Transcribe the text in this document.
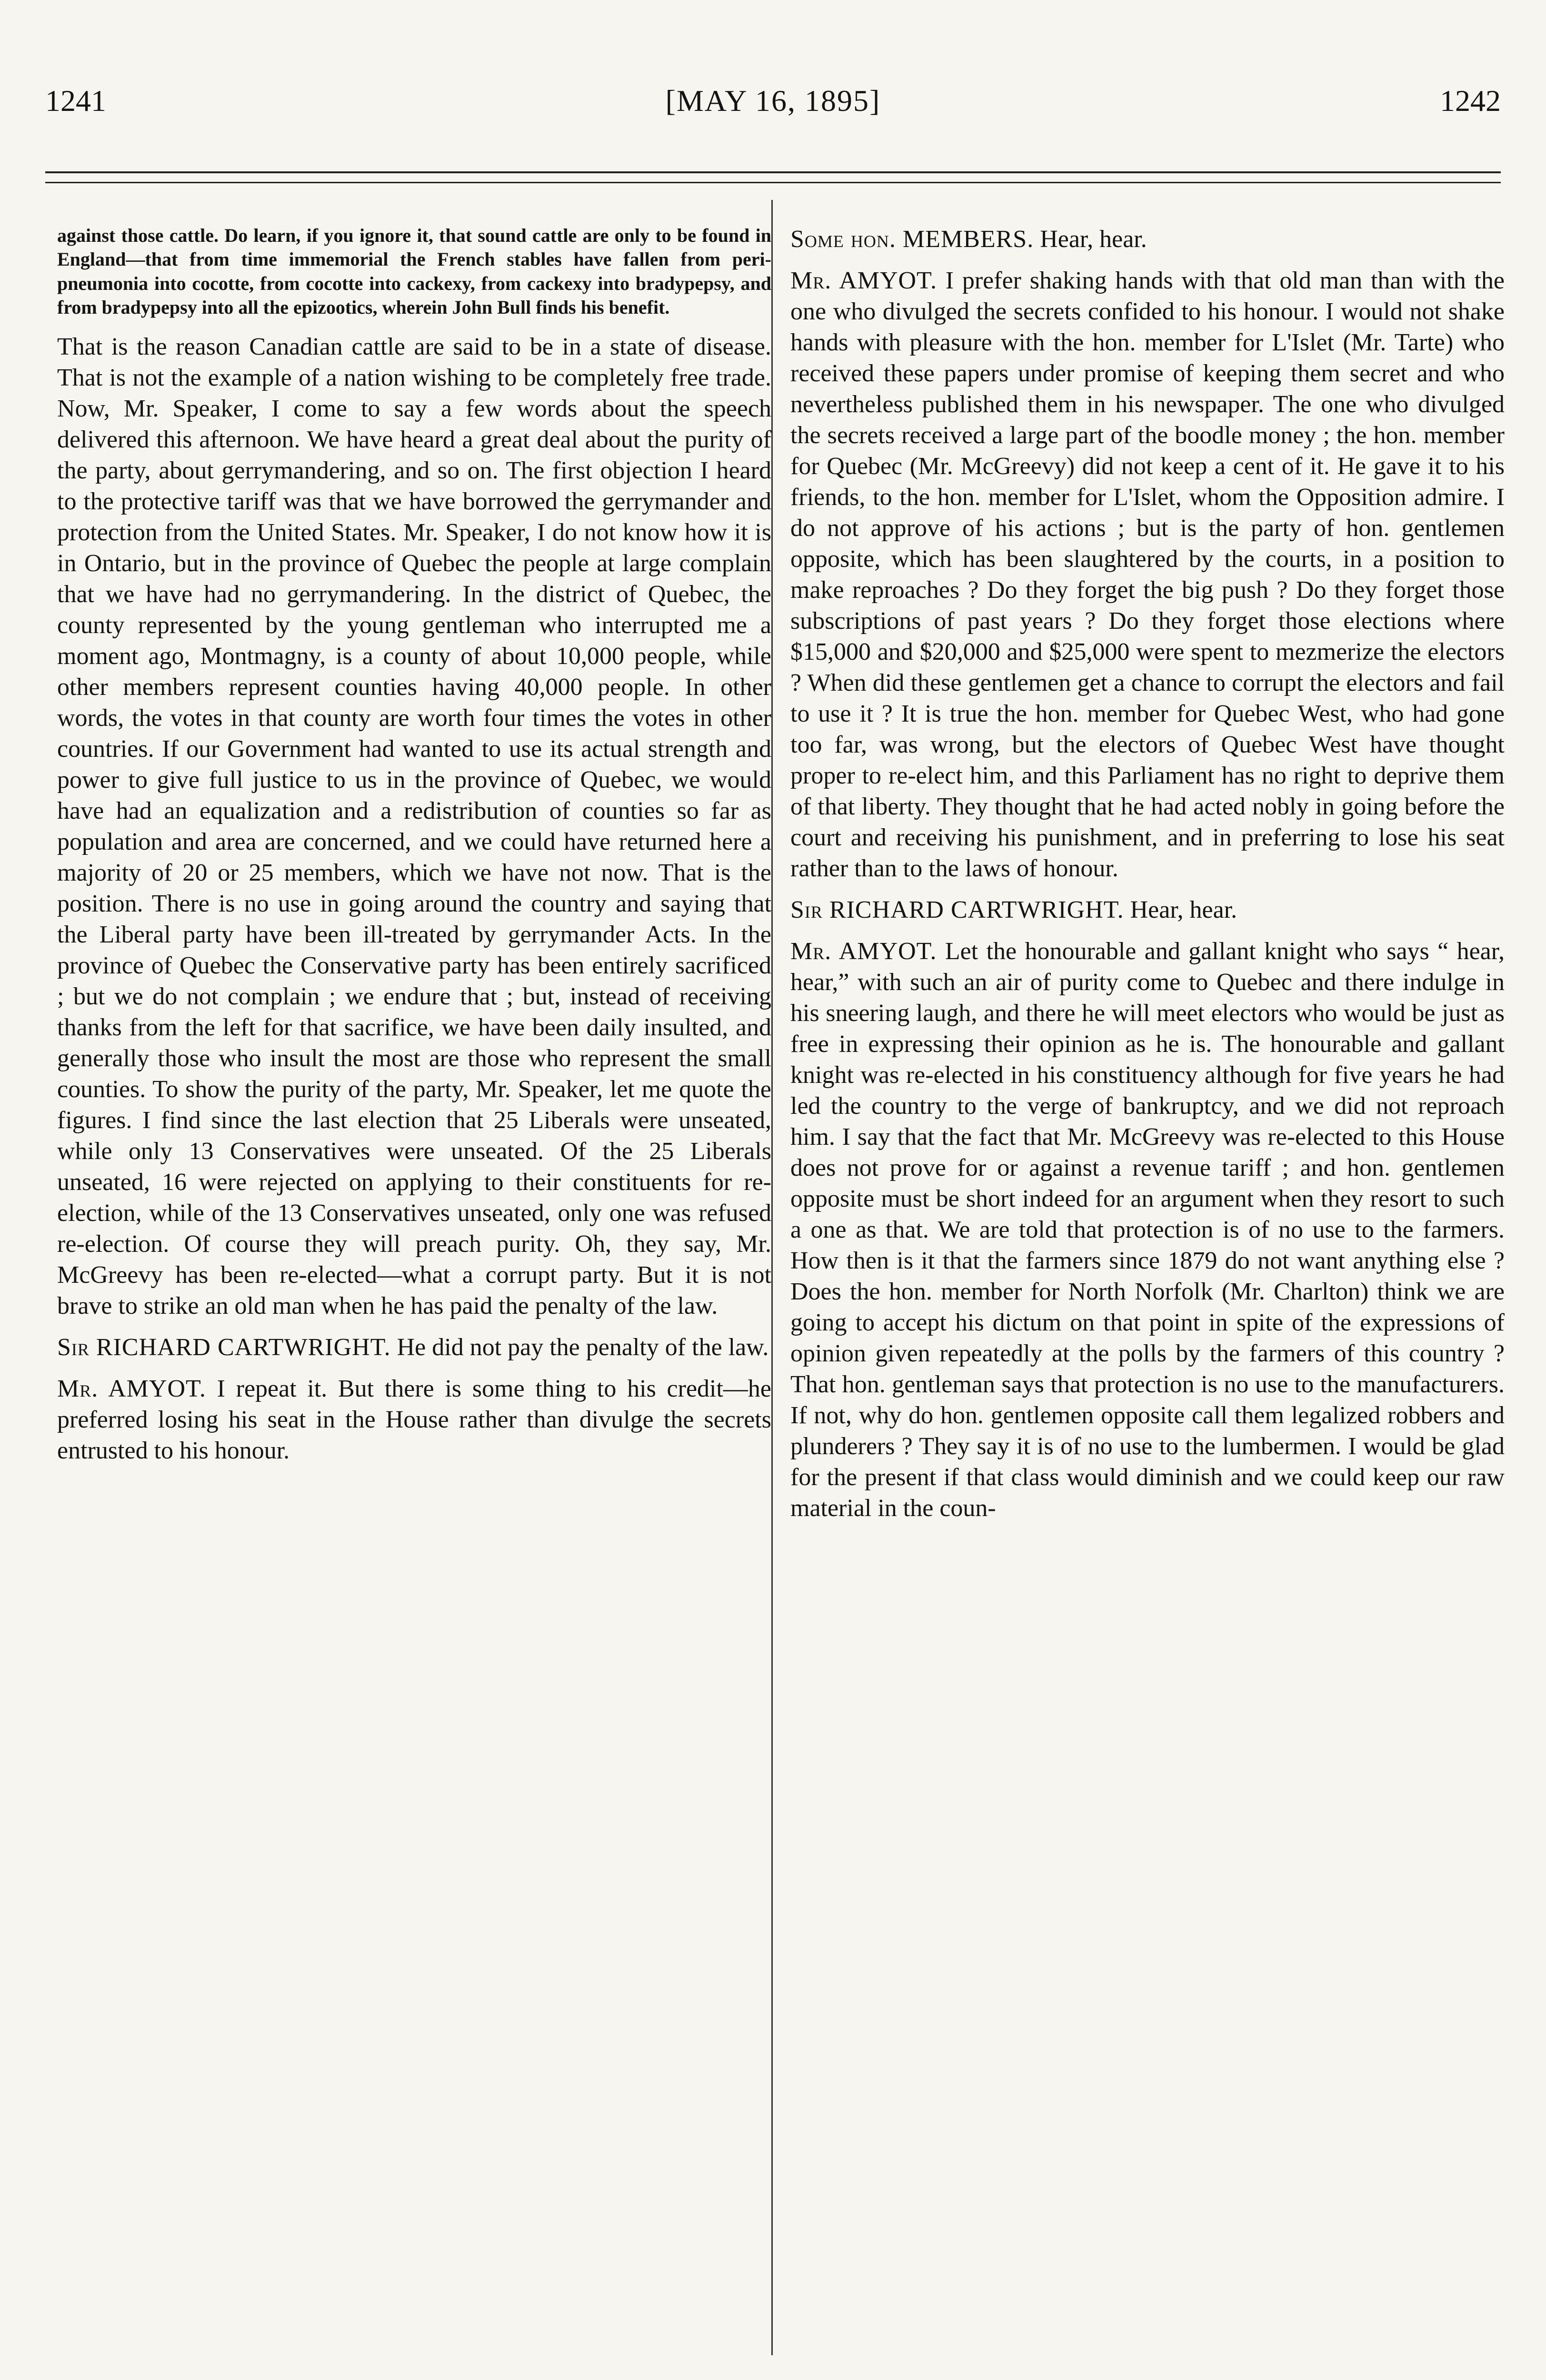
1241	[MAY 16, 1895]	1242

against those cattle. Do learn, if you ignore it, that sound cattle are only to be found in England—that from time immemorial the French stables have fallen from peri-pneumonia into cocotte, from cocotte into cackexy, from cackexy into bradypepsy, and from bradypepsy into all the epizootics, wherein John Bull finds his benefit.

That is the reason Canadian cattle are said to be in a state of disease. That is not the example of a nation wishing to be completely free trade. Now, Mr. Speaker, I come to say a few words about the speech delivered this afternoon. We have heard a great deal about the purity of the party, about gerrymandering, and so on. The first objection I heard to the protective tariff was that we have borrowed the gerrymander and protection from the United States. Mr. Speaker, I do not know how it is in Ontario, but in the province of Quebec the people at large complain that we have had no gerrymandering. In the district of Quebec, the county represented by the young gentleman who interrupted me a moment ago, Montmagny, is a county of about 10,000 people, while other members represent counties having 40,000 people. In other words, the votes in that county are worth four times the votes in other countries. If our Government had wanted to use its actual strength and power to give full justice to us in the province of Quebec, we would have had an equalization and a redistribution of counties so far as population and area are concerned, and we could have returned here a majority of 20 or 25 members, which we have not now. That is the position. There is no use in going around the country and saying that the Liberal party have been ill-treated by gerrymander Acts. In the province of Quebec the Conservative party has been entirely sacrificed ; but we do not complain ; we endure that ; but, instead of receiving thanks from the left for that sacrifice, we have been daily insulted, and generally those who insult the most are those who represent the small counties. To show the purity of the party, Mr. Speaker, let me quote the figures. I find since the last election that 25 Liberals were unseated, while only 13 Conservatives were unseated. Of the 25 Liberals unseated, 16 were rejected on applying to their constituents for re-election, while of the 13 Conservatives unseated, only one was refused re-election. Of course they will preach purity. Oh, they say, Mr. McGreevy has been re-elected—what a corrupt party. But it is not brave to strike an old man when he has paid the penalty of the law.

Sir RICHARD CARTWRIGHT. He did not pay the penalty of the law.

Mr. AMYOT. I repeat it. But there is some thing to his credit—he preferred losing his seat in the House rather than divulge the secrets entrusted to his honour.

Some hon. MEMBERS. Hear, hear.

Mr. AMYOT. I prefer shaking hands with that old man than with the one who divulged the secrets confided to his honour. I would not shake hands with pleasure with the hon. member for L'Islet (Mr. Tarte) who received these papers under promise of keeping them secret and who nevertheless published them in his newspaper. The one who divulged the secrets received a large part of the boodle money ; the hon. member for Quebec (Mr. McGreevy) did not keep a cent of it. He gave it to his friends, to the hon. member for L'Islet, whom the Opposition admire. I do not approve of his actions ; but is the party of hon. gentlemen opposite, which has been slaughtered by the courts, in a position to make reproaches ? Do they forget the big push ? Do they forget those subscriptions of past years ? Do they forget those elections where $15,000 and $20,000 and $25,000 were spent to mezmerize the electors ? When did these gentlemen get a chance to corrupt the electors and fail to use it ? It is true the hon. member for Quebec West, who had gone too far, was wrong, but the electors of Quebec West have thought proper to re-elect him, and this Parliament has no right to deprive them of that liberty. They thought that he had acted nobly in going before the court and receiving his punishment, and in preferring to lose his seat rather than to the laws of honour.

Sir RICHARD CARTWRIGHT. Hear, hear.

Mr. AMYOT. Let the honourable and gallant knight who says “ hear, hear,” with such an air of purity come to Quebec and there indulge in his sneering laugh, and there he will meet electors who would be just as free in expressing their opinion as he is. The honourable and gallant knight was re-elected in his constituency although for five years he had led the country to the verge of bankruptcy, and we did not reproach him. I say that the fact that Mr. McGreevy was re-elected to this House does not prove for or against a revenue tariff ; and hon. gentlemen opposite must be short indeed for an argument when they resort to such a one as that. We are told that protection is of no use to the farmers. How then is it that the farmers since 1879 do not want anything else ? Does the hon. member for North Norfolk (Mr. Charlton) think we are going to accept his dictum on that point in spite of the expressions of opinion given repeatedly at the polls by the farmers of this country ? That hon. gentleman says that protection is no use to the manufacturers. If not, why do hon. gentlemen opposite call them legalized robbers and plunderers ? They say it is of no use to the lumbermen. I would be glad for the present if that class would diminish and we could keep our raw material in the coun-
